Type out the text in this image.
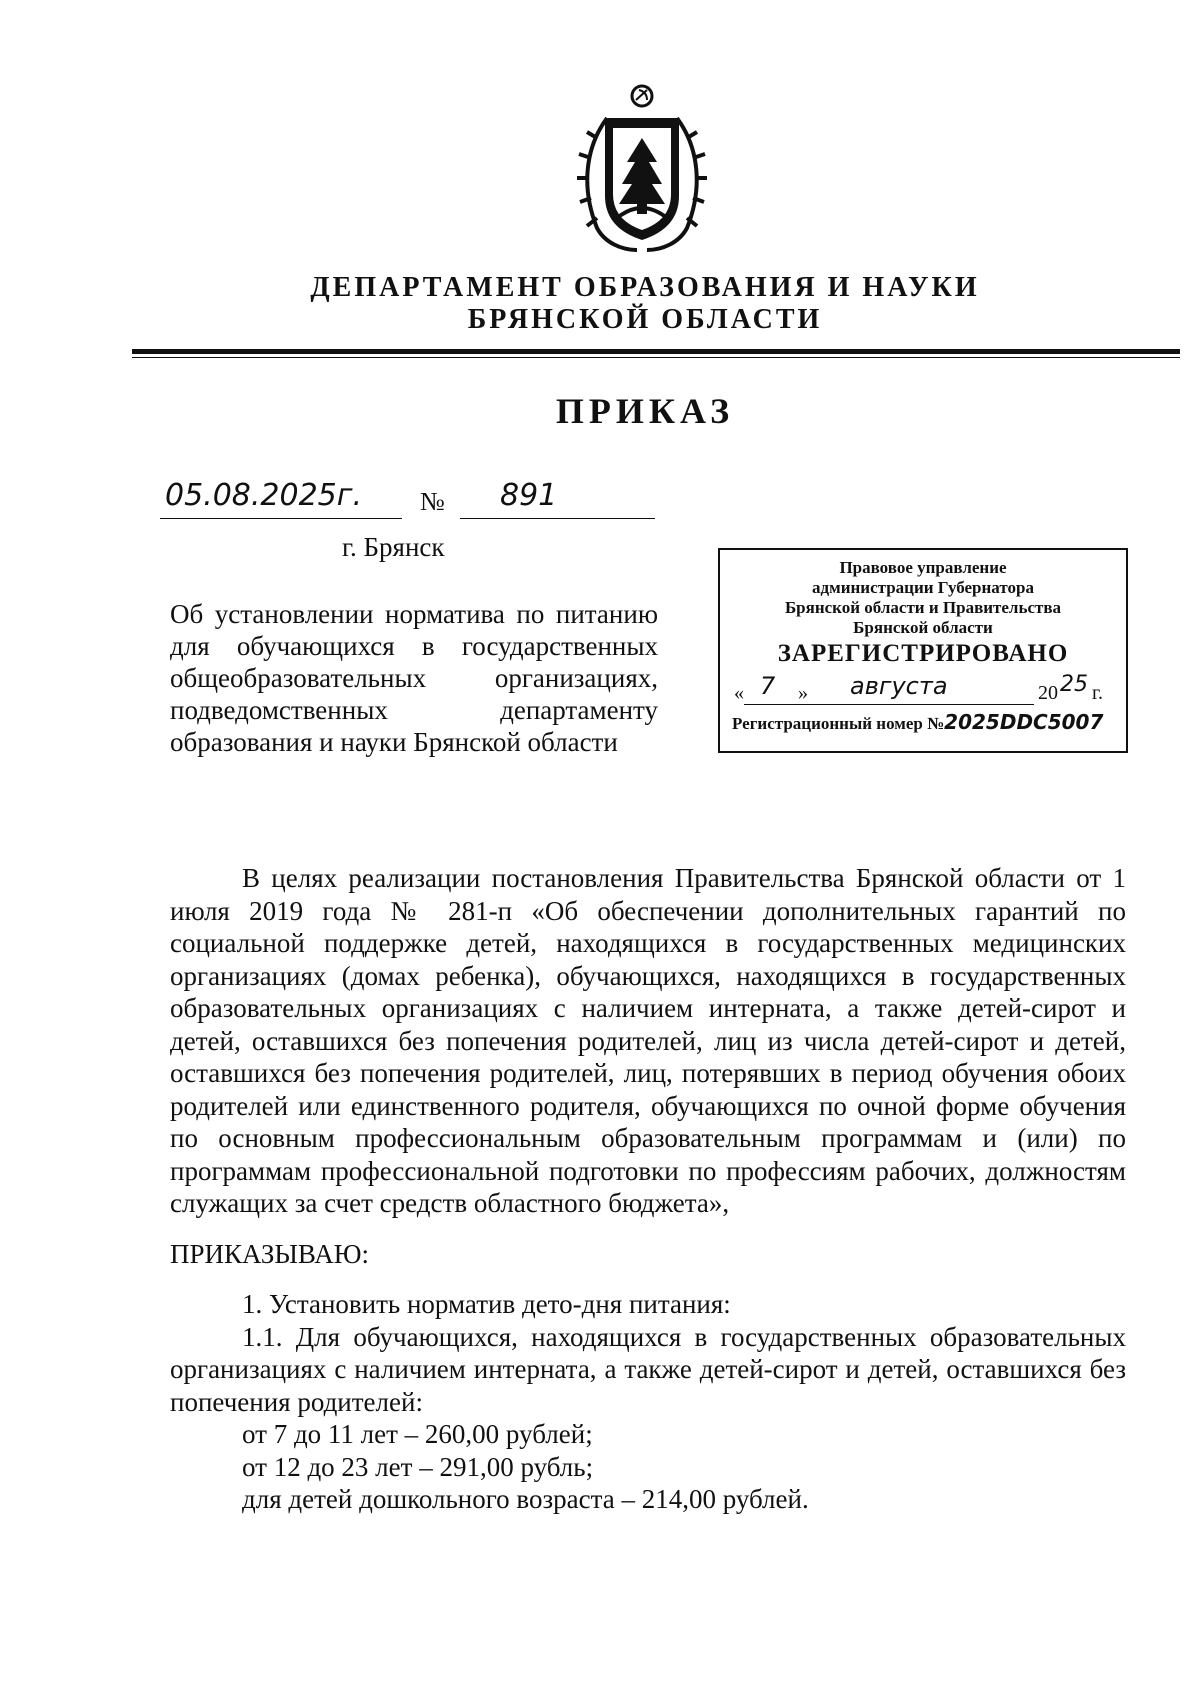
ДЕПАРТАМЕНТ ОБРАЗОВАНИЯ И НАУКИ
БРЯНСКОЙ ОБЛАСТИ
ПРИКАЗ
05.08.2025г. № 891
г. Брянск
Об установлении норматива по питанию для обучающихся в государственных общеобразовательных организациях, подведомственных департаменту образования и науки Брянской области
Правовое управление
администрации Губернатора
Брянской области и Правительства
Брянской области
ЗАРЕГИСТРИРОВАНО
« 7 » августа	20 25 г.
Регистрационный номер №2025DDC5007

В целях реализации постановления Правительства Брянской области от 1 июля 2019 года № 281-п «Об обеспечении дополнительных гарантий по социальной поддержке детей, находящихся в государственных медицинских организациях (домах ребенка), обучающихся, находящихся в государственных образовательных организациях с наличием интерната, а также детей-сирот и детей, оставшихся без попечения родителей, лиц из числа детей-сирот и детей, оставшихся без попечения родителей, лиц, потерявших в период обучения обоих родителей или единственного родителя, обучающихся по очной форме обучения по основным профессиональным образовательным программам и (или) по программам профессиональной подготовки по профессиям рабочих, должностям служащих за счет средств областного бюджета»,

ПРИКАЗЫВАЮ:

1. Установить норматив дето-дня питания:

1.1. Для обучающихся, находящихся в государственных образовательных организациях с наличием интерната, а также детей-сирот и детей, оставшихся без попечения родителей:

от 7 до 11 лет – 260,00 рублей;

от 12 до 23 лет – 291,00 рубль;

для детей дошкольного возраста – 214,00 рублей.
